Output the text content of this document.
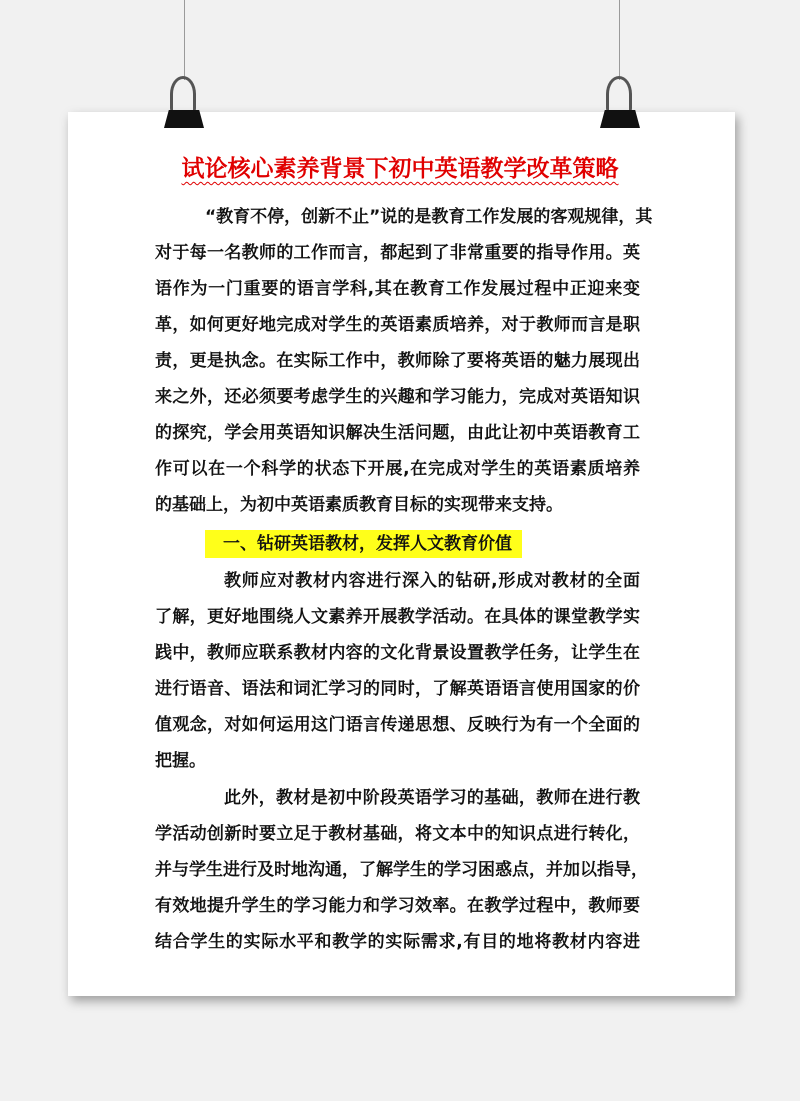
试论核心素养背景下初中英语教学改革策略
“教育不停，创新不止”说的是教育工作发展的客观规律，其
对于每一名教师的工作而言，都起到了非常重要的指导作用。英
语作为一门重要的语言学科,其在教育工作发展过程中正迎来变
革，如何更好地完成对学生的英语素质培养，对于教师而言是职
责，更是执念。在实际工作中，教师除了要将英语的魅力展现出
来之外，还必须要考虑学生的兴趣和学习能力，完成对英语知识
的探究，学会用英语知识解决生活问题，由此让初中英语教育工
作可以在一个科学的状态下开展,在完成对学生的英语素质培养
的基础上，为初中英语素质教育目标的实现带来支持。
一、钻研英语教材，发挥人文教育价值
教师应对教材内容进行深入的钻研,形成对教材的全面
了解，更好地围绕人文素养开展教学活动。在具体的课堂教学实
践中，教师应联系教材内容的文化背景设置教学任务，让学生在
进行语音、语法和词汇学习的同时，了解英语语言使用国家的价
值观念，对如何运用这门语言传递思想、反映行为有一个全面的
把握。
此外，教材是初中阶段英语学习的基础，教师在进行教
学活动创新时要立足于教材基础，将文本中的知识点进行转化，
并与学生进行及时地沟通，了解学生的学习困惑点，并加以指导，
有效地提升学生的学习能力和学习效率。在教学过程中，教师要
结合学生的实际水平和教学的实际需求,有目的地将教材内容进
